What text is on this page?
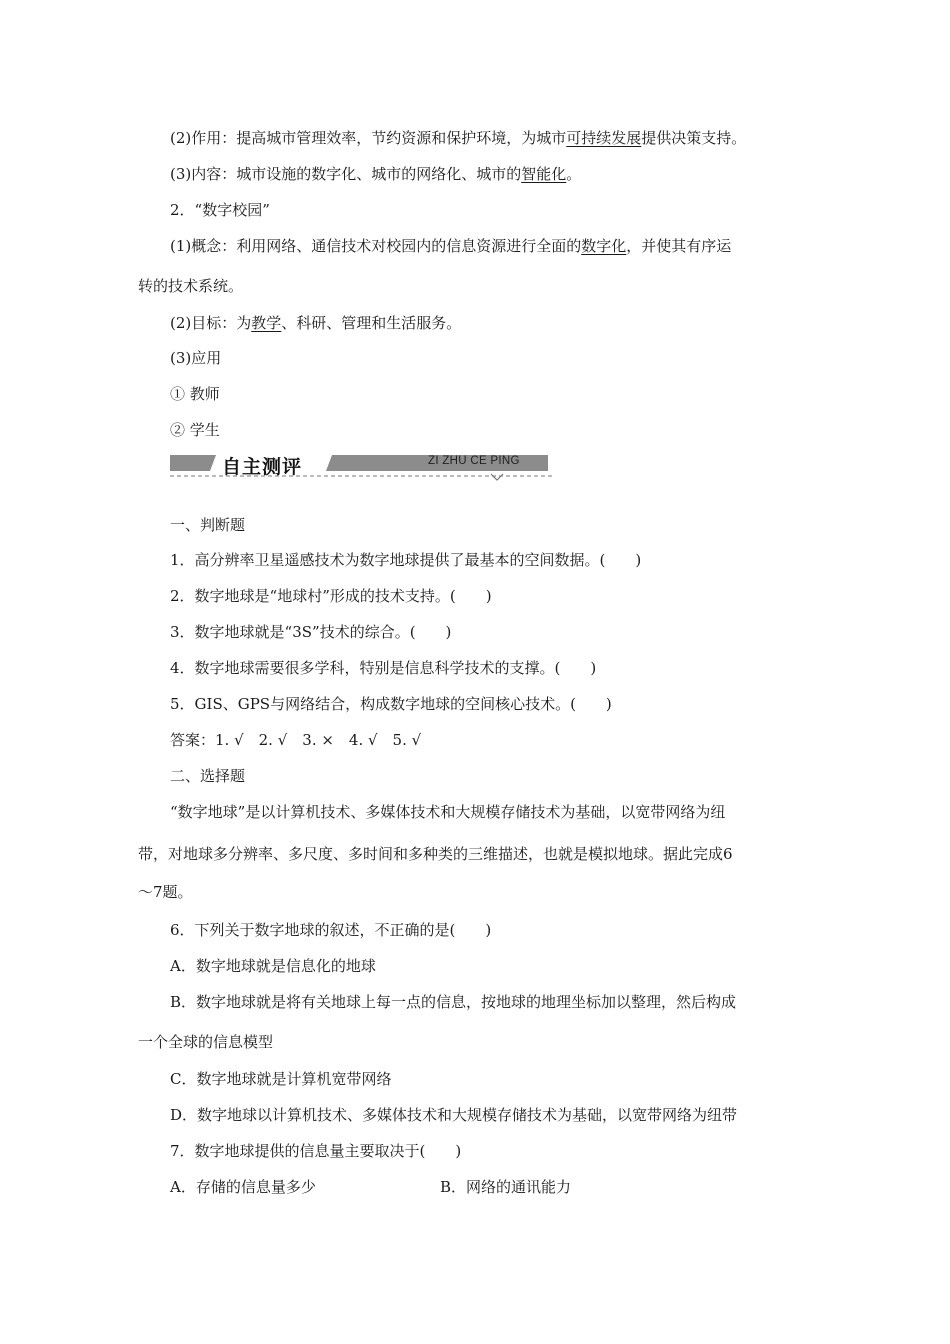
(2)作用：提高城市管理效率，节约资源和保护环境，为城市可持续发展提供决策支持。
(3)内容：城市设施的数字化、城市的网络化、城市的智能化。
2．“数字校园”
(1)概念：利用网络、通信技术对校园内的信息资源进行全面的数字化，并使其有序运
转的技术系统。
(2)目标：为教学、科研、管理和生活服务。
(3)应用
① 教师
② 学生
自主测评	ZI ZHU CE PING
一、判断题
1．高分辨率卫星遥感技术为数字地球提供了最基本的空间数据。(　　)
2．数字地球是“地球村”形成的技术支持。(　　)
3．数字地球就是“3S”技术的综合。(　　)
4．数字地球需要很多学科，特别是信息科学技术的支撑。(　　)
5．GIS、GPS与网络结合，构成数字地球的空间核心技术。(　　)
答案：1. √　2. √　3. ×　4. √　5. √
二、选择题
“数字地球”是以计算机技术、多媒体技术和大规模存储技术为基础，以宽带网络为纽
带，对地球多分辨率、多尺度、多时间和多种类的三维描述，也就是模拟地球。据此完成6
～7题。
6．下列关于数字地球的叙述，不正确的是(　　)
A．数字地球就是信息化的地球
B．数字地球就是将有关地球上每一点的信息，按地球的地理坐标加以整理，然后构成
一个全球的信息模型
C．数字地球就是计算机宽带网络
D．数字地球以计算机技术、多媒体技术和大规模存储技术为基础，以宽带网络为纽带
7．数字地球提供的信息量主要取决于(　　)
A．存储的信息量多少	B．网络的通讯能力
